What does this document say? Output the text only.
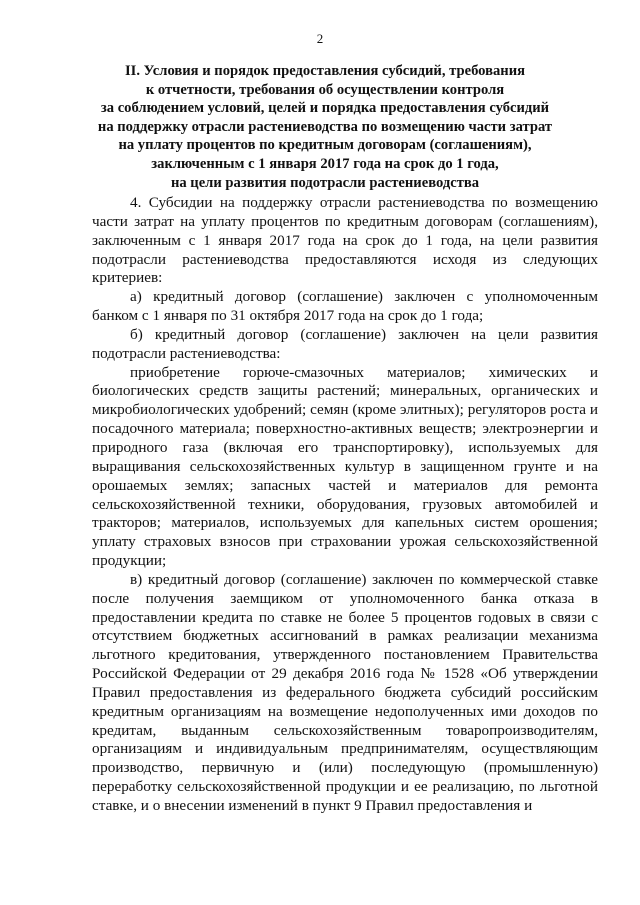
2
II. Условия и порядок предоставления субсидий, требования
к отчетности, требования об осуществлении контроля
за соблюдением условий, целей и порядка предоставления субсидий
на поддержку отрасли растениеводства по возмещению части затрат
на уплату процентов по кредитным договорам (соглашениям),
заключенным с 1 января 2017 года на срок до 1 года,
на цели развития подотрасли растениеводства

4. Субсидии на поддержку отрасли растениеводства по возмещению части затрат на уплату процентов по кредитным договорам (соглашениям), заключенным с 1 января 2017 года на срок до 1 года, на цели развития подотрасли растениеводства предоставляются исходя из следующих критериев:

а) кредитный договор (соглашение) заключен с уполномоченным банком с 1 января по 31 октября 2017 года на срок до 1 года;

б) кредитный договор (соглашение) заключен на цели развития подотрасли растениеводства:

приобретение горюче-смазочных материалов; химических и биологических средств защиты растений; минеральных, органических и микробиологических удобрений; семян (кроме элитных); регуляторов роста и посадочного материала; поверхностно-активных веществ; электроэнергии и природного газа (включая его транспортировку), используемых для выращивания сельскохозяйственных культур в защищенном грунте и на орошаемых землях; запасных частей и материалов для ремонта сельскохозяйственной техники, оборудования, грузовых автомобилей и тракторов; материалов, используемых для капельных систем орошения; уплату страховых взносов при страховании урожая сельскохозяйственной продукции;

в) кредитный договор (соглашение) заключен по коммерческой ставке после получения заемщиком от уполномоченного банка отказа в предоставлении кредита по ставке не более 5 процентов годовых в связи с отсутствием бюджетных ассигнований в рамках реализации механизма льготного кредитования, утвержденного постановлением Правительства Российской Федерации от 29 декабря 2016 года № 1528 «Об утверждении Правил предоставления из федерального бюджета субсидий российским кредитным организациям на возмещение недополученных ими доходов по кредитам, выданным сельскохозяйственным товаропроизводителям, организациям и индивидуальным предпринимателям, осуществляющим производство, первичную и (или) последующую (промышленную) переработку сельскохозяйственной продукции и ее реализацию, по льготной ставке, и о внесении изменений в пункт 9 Правил предоставления и
